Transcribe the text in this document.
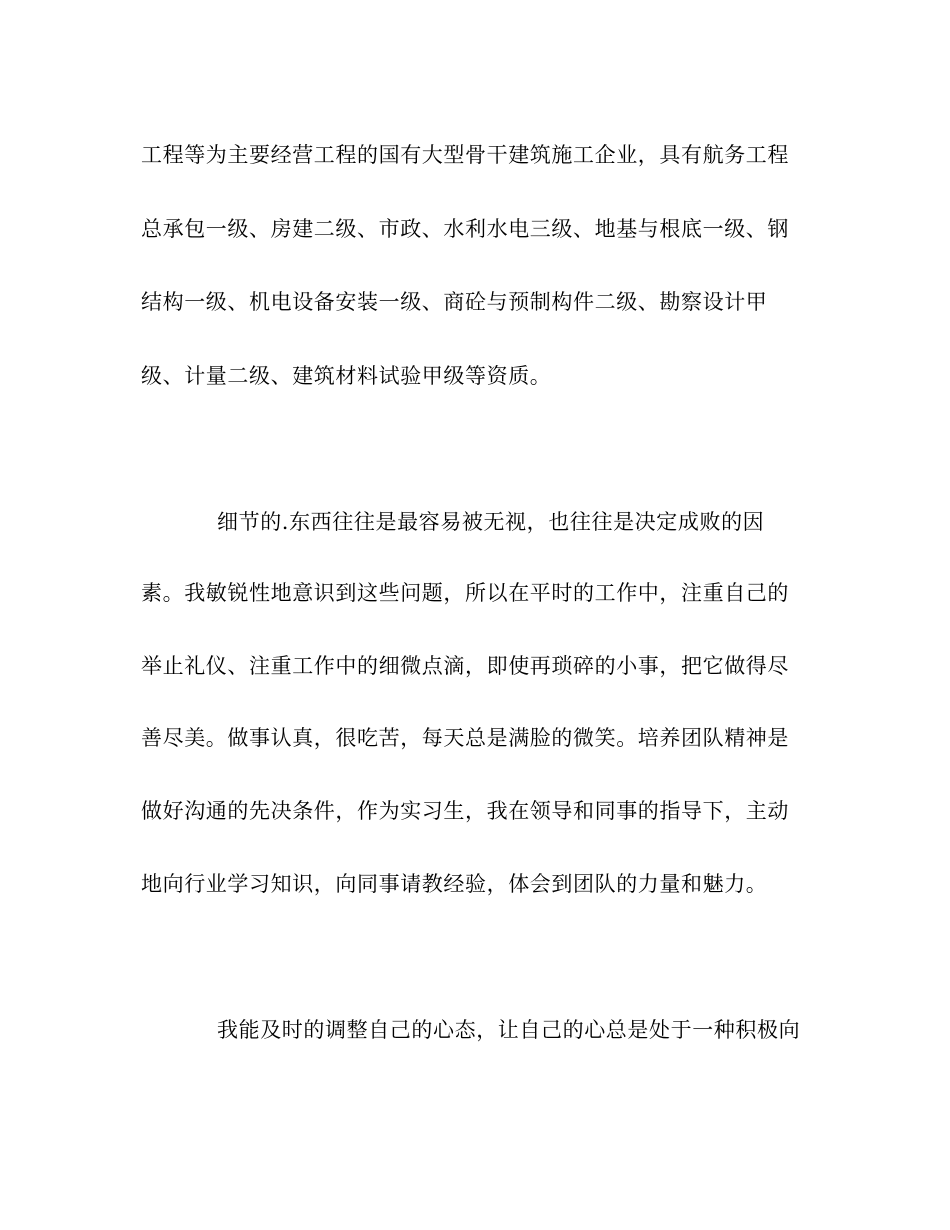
工程等为主要经营工程的国有大型骨干建筑施工企业，具有航务工程
总承包一级、房建二级、市政、水利水电三级、地基与根底一级、钢
结构一级、机电设备安装一级、商砼与预制构件二级、勘察设计甲
级、计量二级、建筑材料试验甲级等资质。
细节的.东西往往是最容易被无视，也往往是决定成败的因
素。我敏锐性地意识到这些问题，所以在平时的工作中，注重自己的
举止礼仪、注重工作中的细微点滴，即使再琐碎的小事，把它做得尽
善尽美。做事认真，很吃苦，每天总是满脸的微笑。培养团队精神是
做好沟通的先决条件，作为实习生，我在领导和同事的指导下，主动
地向行业学习知识，向同事请教经验，体会到团队的力量和魅力。
我能及时的调整自己的心态，让自己的心总是处于一种积极向
